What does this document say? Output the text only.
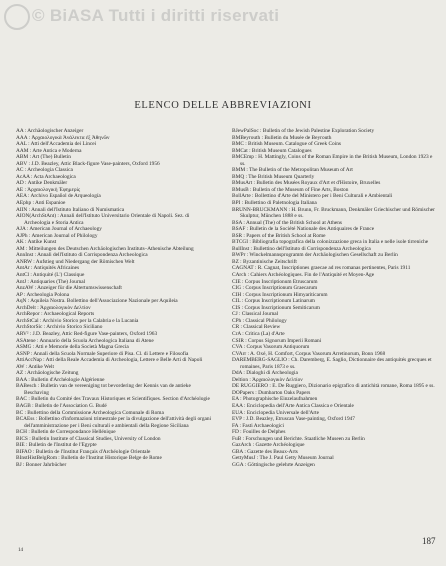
© BiASA Tutti i diritti riservati
ELENCO DELLE ABBREVIAZIONI
AA : Archäologischer Anzeiger
AAA : Ἀρχαιολογικὰ Ἀνάλεκτα ἐξ Ἀθηνῶν
AAL : Atti dell'Accademia dei Lincei
AAM : Arte Antica e Moderna
ABM : Art (The) Bulletin
ABV : J.D. Beazley, Attic Black-figure Vase-painters, Oxford 1956
AC : Archeologia Classica
AcAA : Acta Archaeologica
AD : Antike Denkmäler
AE : Ἀρχαιολογικὴ Ἐφημερίς
AEA : Archivo Español de Arqueología
AEphp : Anti Espanioe
AIIN : Annali dell'Istituto Italiano di Numismatica
AION(ArchStAnt) : Annali dell'Istituto Universitario Orientale di Napoli. Sez. di Archeologia e Storia Antica
AJA : American Journal of Archaeology
AJPh : American Journal of Philology
AK : Antike Kunst
AM : Mitteilungen des Deutschen Archäologischen Instituts–Athenische Abteilung
AnnInst : Annali dell'Istituto di Corrispondenza Archeologica
ANRW : Aufstieg und Niedergang der Römischen Welt
AntAr : Antiquités Africaines
AntCl : Antiquité (L') Classique
AntJ : Antiquaries (The) Journal
AnzAW : Anzeiger für die Altertumswissenschaft
AP : Archeologia Polona
AqN : Aquileia Nostra. Bollettino dell'Associazione Nazionale per Aquileia
ArchDelt : Ἀρχαιολογικὸν Δελτίον
ArchRepor : Archaeological Reports
ArchStCal : Archivio Storico per la Calabria e la Lucania
ArchStorSic : Archivio Storico Siciliano
ARV² : J.D. Beazley, Attic Red-figure Vase-painters, Oxford 1963
ASAtene : Annuario della Scuola Archeologica Italiana di Atene
ASMG : Atti e Memorie della Società Magna Grecia
ASNP : Annali della Scuola Normale Superiore di Pisa. Cl. di Lettere e Filosofia
AttiAccNap : Atti della Reale Accademia di Archeologia, Lettere e Belle Arti di Napoli
AW : Antike Welt
AZ : Archäologische Zeitung
BAA : Bulletin d'Archéologie Algérienne
BABesch : Bulletin van de vereeniging tot bevordering der Kennis van de antieke Beschaving
BAC : Bulletin du Comité des Travaux Historiques et Scientifiques. Section d'Archéologie
BAGB : Bulletin de l'Association G. Budé
BC : Bullettino della Commissione Archeologica Comunale di Roma
BCAEss : Bollettino d'informazioni trimestrale per la divulgazione dell'attività degli organi dell'amministrazione per i Beni culturali e ambientali della Regione Siciliana
BCH : Bulletin de Correspondance Hellénique
BICS : Bulletin Institute of Classical Studies, University of London
BIE : Bulletin de l'Institut de l'Égypte
BIFAO : Bulletin de l'Institut Français d'Archéologie Orientale
BInstHistBelgRom : Bulletin de l'Institut Historique Belge de Rome
BJ : Bonner Jahrbücher
BJewPalSoc : Bulletin of the Jewish Palestine Exploration Society
BMBeyrouth : Bulletin du Musée de Beyrouth
BMC : British Museum. Catalogue of Greek Coins
BMCat : British Museum Catalogues
BMCEmp : H. Mattingly, Coins of the Roman Empire in the British Museum, London 1923 e ss.
BMM : The Bulletin of the Metropolitan Museum of Art
BMQ : The British Museum Quarterly
BMusArt : Bulletin des Musées Royaux d'Art et d'Histoire, Bruxelles
BMusB : Bulletin of the Museum of Fine Arts, Boston
BollArte : Bollettino d'Arte del Ministero per i Beni Culturali e Ambientali
BPI : Bullettino di Paletnologia Italiana
BRUNN-BRUCKMANN : H. Brunn, Fr. Bruckmann, Denkmäler Griechischer und Römischer Skulptur, München 1888 e ss.
BSA : Annual (The) of the British School at Athens
BSAF : Bulletin de la Société Nationale des Antiquaires de France
BSR : Papers of the British School at Rome
BTCGI : Bibliografia topografica della colonizzazione greca in Italia e nelle isole tirreniche
BullInst : Bullettino dell'Istituto di Corrispondenza Archeologica
BWPr : Winckelmannsprogramm der Archäologischen Gesellschaft zu Berlin
BZ : Byzantinische Zeitschrift
CAGNAT : R. Cagnat, Inscriptiones graecae ad res romanas pertinentes, Paris 1911
CArch : Cahiers Archéologiques. Fin de l'Antiquité et Moyen-Âge
CIE : Corpus Inscriptionum Etruscarum
CIG : Corpus Inscriptionum Graecarum
CIH : Corpus Inscriptionum Himyariticarum
CIL : Corpus Inscriptionum Latinarum
CIS : Corpus Inscriptionum Semiticarum
CJ : Classical Journal
CPh : Classical Philology
CR : Classical Review
CrA : Critica (La) d'Arte
CSIR : Corpus Signorum Imperii Romani
CVA : Corpus Vasorum Antiquorum
CVArr : A. Oxé, H. Comfort, Corpus Vasorum Arretinorum, Bonn 1968
DAREMBERG-SAGLIO : Ch. Daremberg, E. Saglio, Dictionnaire des antiquités grecques et romaines, Paris 1873 e ss.
DdA : Dialoghi di Archeologia
Deltion : Ἀρχαιολογικὸν Δελτίον
DE RUGGIERO : E. De Ruggiero, Dizionario epigrafico di antichità romane, Roma 1895 e ss.
DOPapers : Dumbarton Oaks Papers
EA : Photographische Einzelaufnahmen
EAA : Enciclopedia dell'Arte Antica Classica e Orientale
EUA : Enciclopedia Universale dell'Arte
EVP : J.D. Beazley, Etruscan Vase-painting, Oxford 1947
FA : Fasti Archaeologici
FD : Fouilles de Delphes
FuB : Forschungen und Berichte. Staatliche Museen zu Berlin
GazArch : Gazette Archéologique
GBA : Gazette des Beaux-Arts
GettyMusJ : The J. Paul Getty Museum Journal
GGA : Göttingische gelehrte Anzeigen
14
187
